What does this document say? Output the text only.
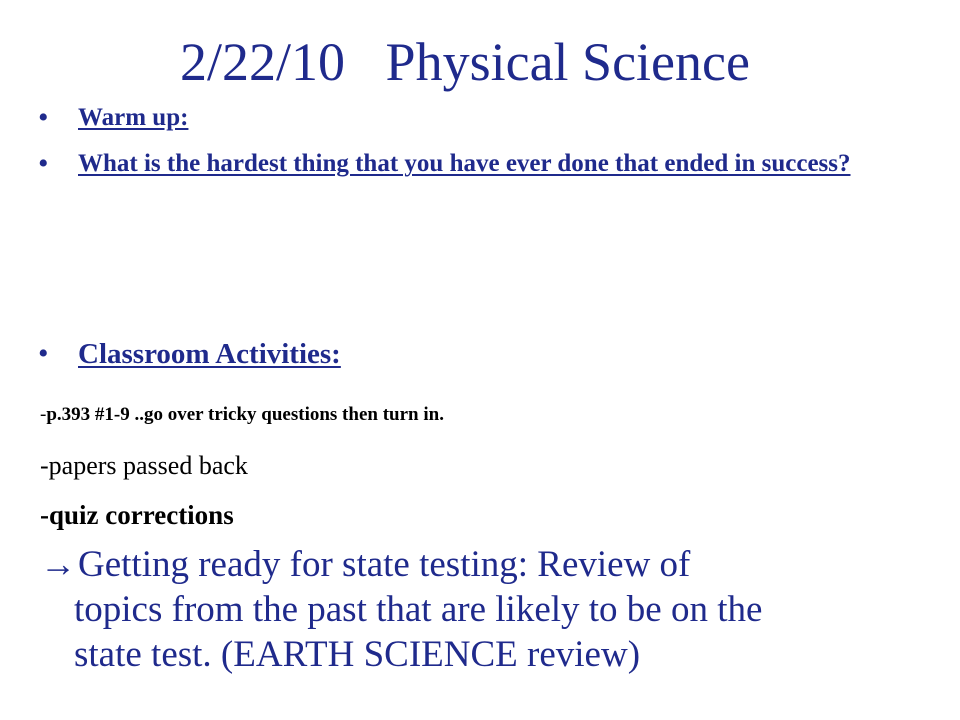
2/22/10   Physical Science
•	Warm up:
•	What is the hardest thing that you have ever done that ended in success?
•	Classroom Activities:
-p.393 #1-9 ..go over tricky questions then turn in.
-papers passed back
-quiz corrections
→Getting ready for state testing: Review of
topics from the past that are likely to be on the
state test. (EARTH SCIENCE review)
